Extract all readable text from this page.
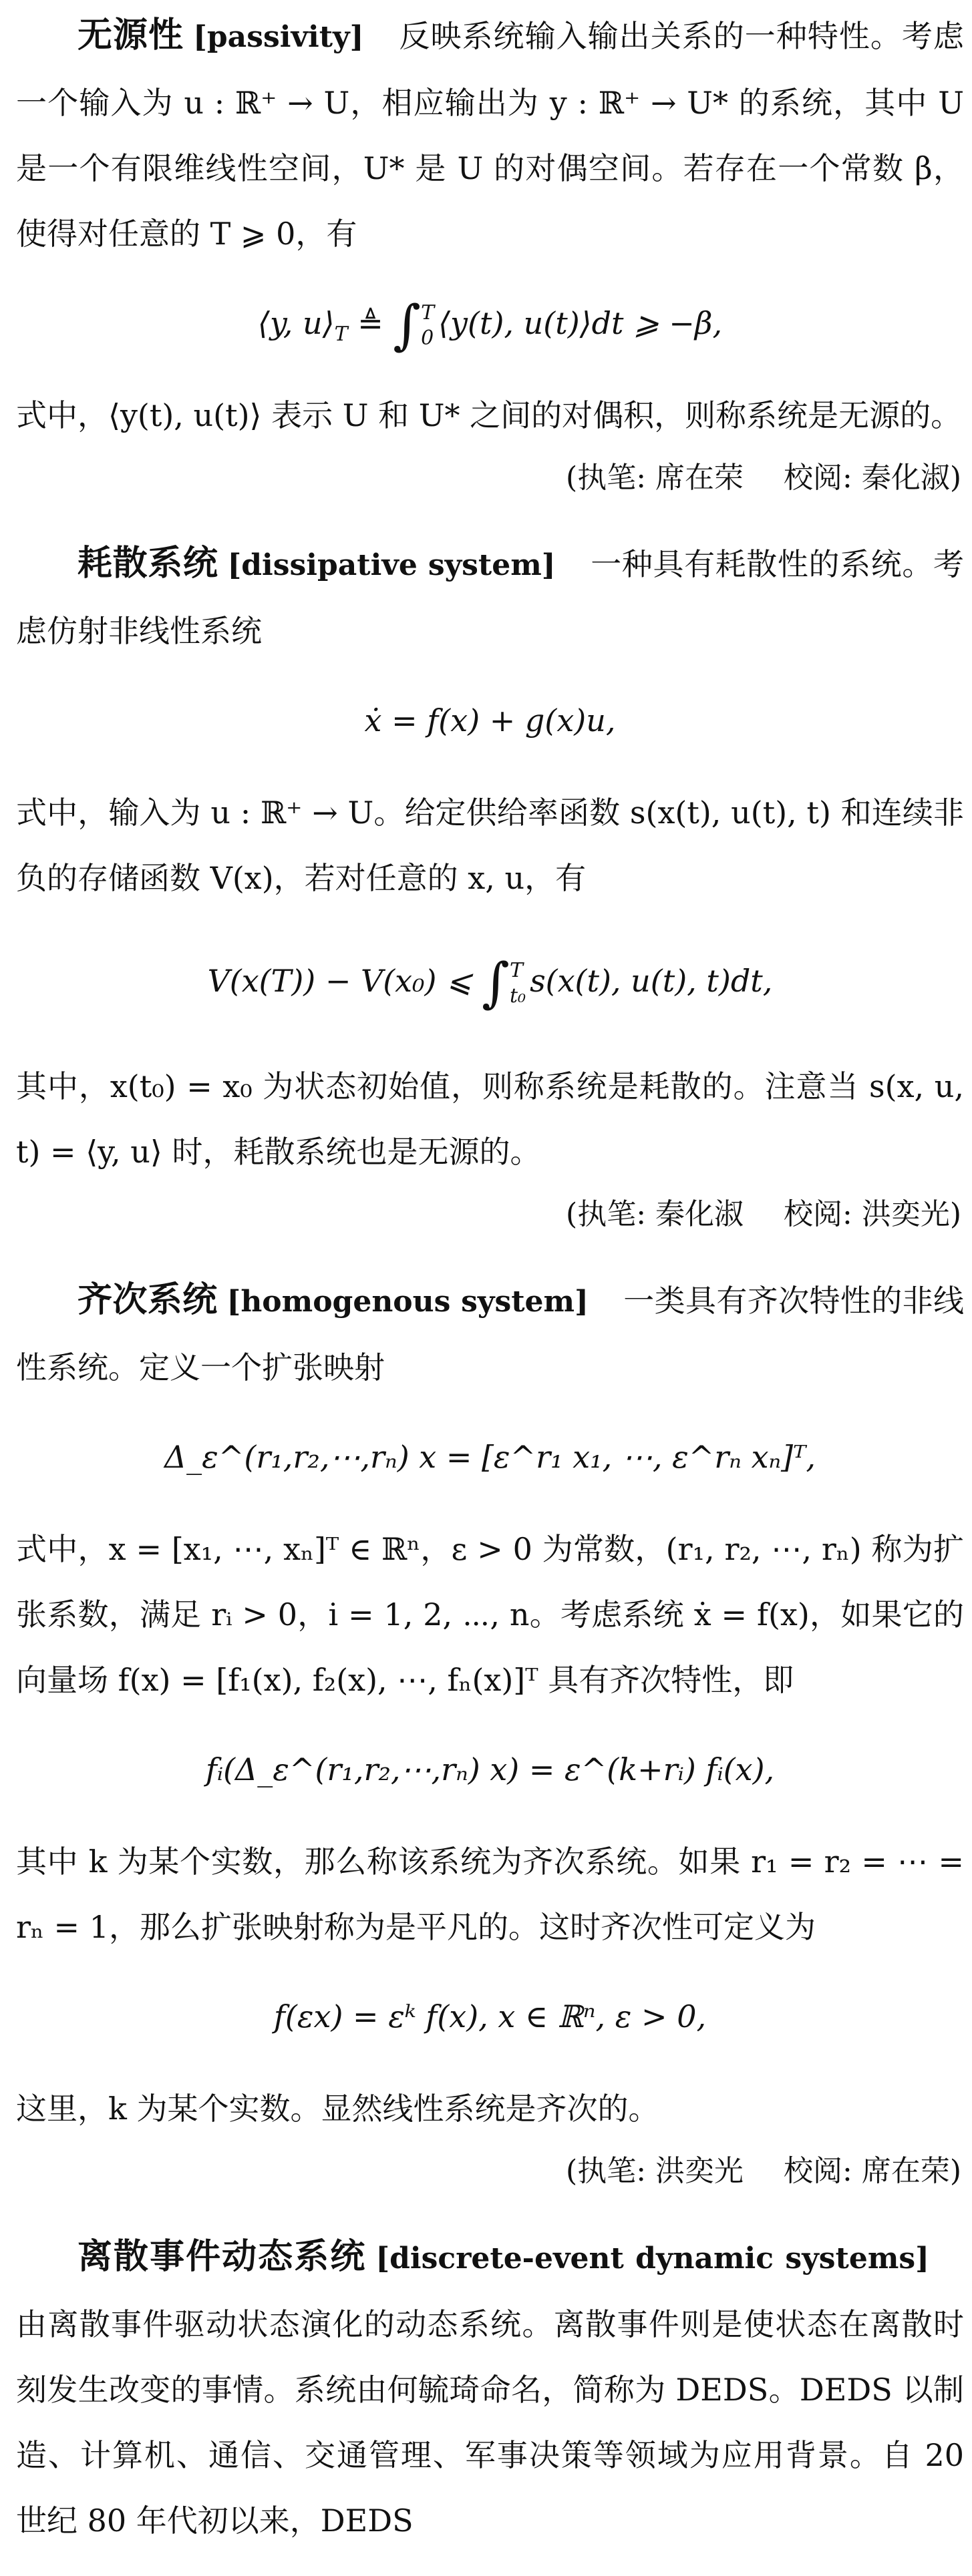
无源性 [passivity] 反映系统输入输出关系的一种特性。考虑一个输入为 u : ℝ⁺ → U，相应输出为 y : ℝ⁺ → U* 的系统，其中 U 是一个有限维线性空间，U* 是 U 的对偶空间。若存在一个常数 β，使得对任意的 T ⩾ 0，有

⟨y, $u⟩_T$ ≜ ∫ T
0 ⟨y(t), u(t)⟩dt ⩾ −β,

式中，⟨y(t), u(t)⟩ 表示 U 和 U* 之间的对偶积，则称系统是无源的。

(执笔: 席在荣 校阅: 秦化淑)

耗散系统 [dissipative system] 一种具有耗散性的系统。考虑仿射非线性系统

ẋ = f(x) + g(x)u,

式中，输入为 u : ℝ⁺ → U。给定供给率函数 s(x(t), u(t), t) 和连续非负的存储函数 V(x)，若对任意的 x, u，有

V(x(T)) − V(x₀) ⩽ ∫ T
t₀ s(x(t), u(t), t)dt,

其中，x(t₀) = x₀ 为状态初始值，则称系统是耗散的。注意当 s(x, u, t) = ⟨y, u⟩ 时，耗散系统也是无源的。

(执笔: 秦化淑 校阅: 洪奕光)

齐次系统 [homogenous system] 一类具有齐次特性的非线性系统。定义一个扩张映射

Δ_ε^(r₁,r₂,⋯,rₙ) x = [ε^r₁ x₁, ⋯, ε^rₙ xₙ]ᵀ,

式中，x = [x₁, ⋯, xₙ]ᵀ ∈ ℝⁿ，ε > 0 为常数，(r₁, r₂, ⋯, rₙ) 称为扩张系数，满足 rᵢ > 0，i = 1, 2, ⋯, n。考虑系统 ẋ = f(x)，如果它的向量场 f(x) = [f₁(x), f₂(x), ⋯, fₙ(x)]ᵀ 具有齐次特性，即

fᵢ(Δ_ε^(r₁,r₂,⋯,rₙ) x) = ε^(k+rᵢ) fᵢ(x),

其中 k 为某个实数，那么称该系统为齐次系统。如果 r₁ = r₂ = ⋯ = rₙ = 1，那么扩张映射称为是平凡的。这时齐次性可定义为

f(εx) = εᵏ f(x), x ∈ ℝⁿ, ε > 0,

这里，k 为某个实数。显然线性系统是齐次的。

(执笔: 洪奕光 校阅: 席在荣)

离散事件动态系统 [discrete-event dynamic systems]由离散事件驱动状态演化的动态系统。离散事件则是使状态在离散时刻发生改变的事情。系统由何毓琦命名，简称为 DEDS。DEDS 以制造、计算机、通信、交通管理、军事决策等领域为应用背景。自 20 世纪 80 年代初以来，DEDS
